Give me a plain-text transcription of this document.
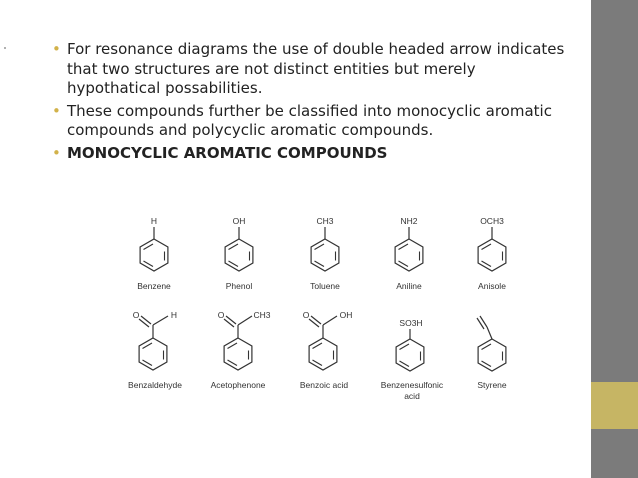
• For resonance diagrams the use of double headed arrow indicates that two structures are not distinct entities but merely hypothatical possabilities.
• These compounds further be classified into monocyclic aromatic compounds and polycyclic aromatic compounds.
• MONOCYCLIC AROMATIC COMPOUNDS
H
Benzene
OH
Phenol
CH3
Toluene
NH2
Aniline
OCH3
Anisole
O	H
Benzaldehyde
O	CH3
Acetophenone
O	OH
Benzoic acid
SO3H
Benzenesulfonic
acid
Styrene
